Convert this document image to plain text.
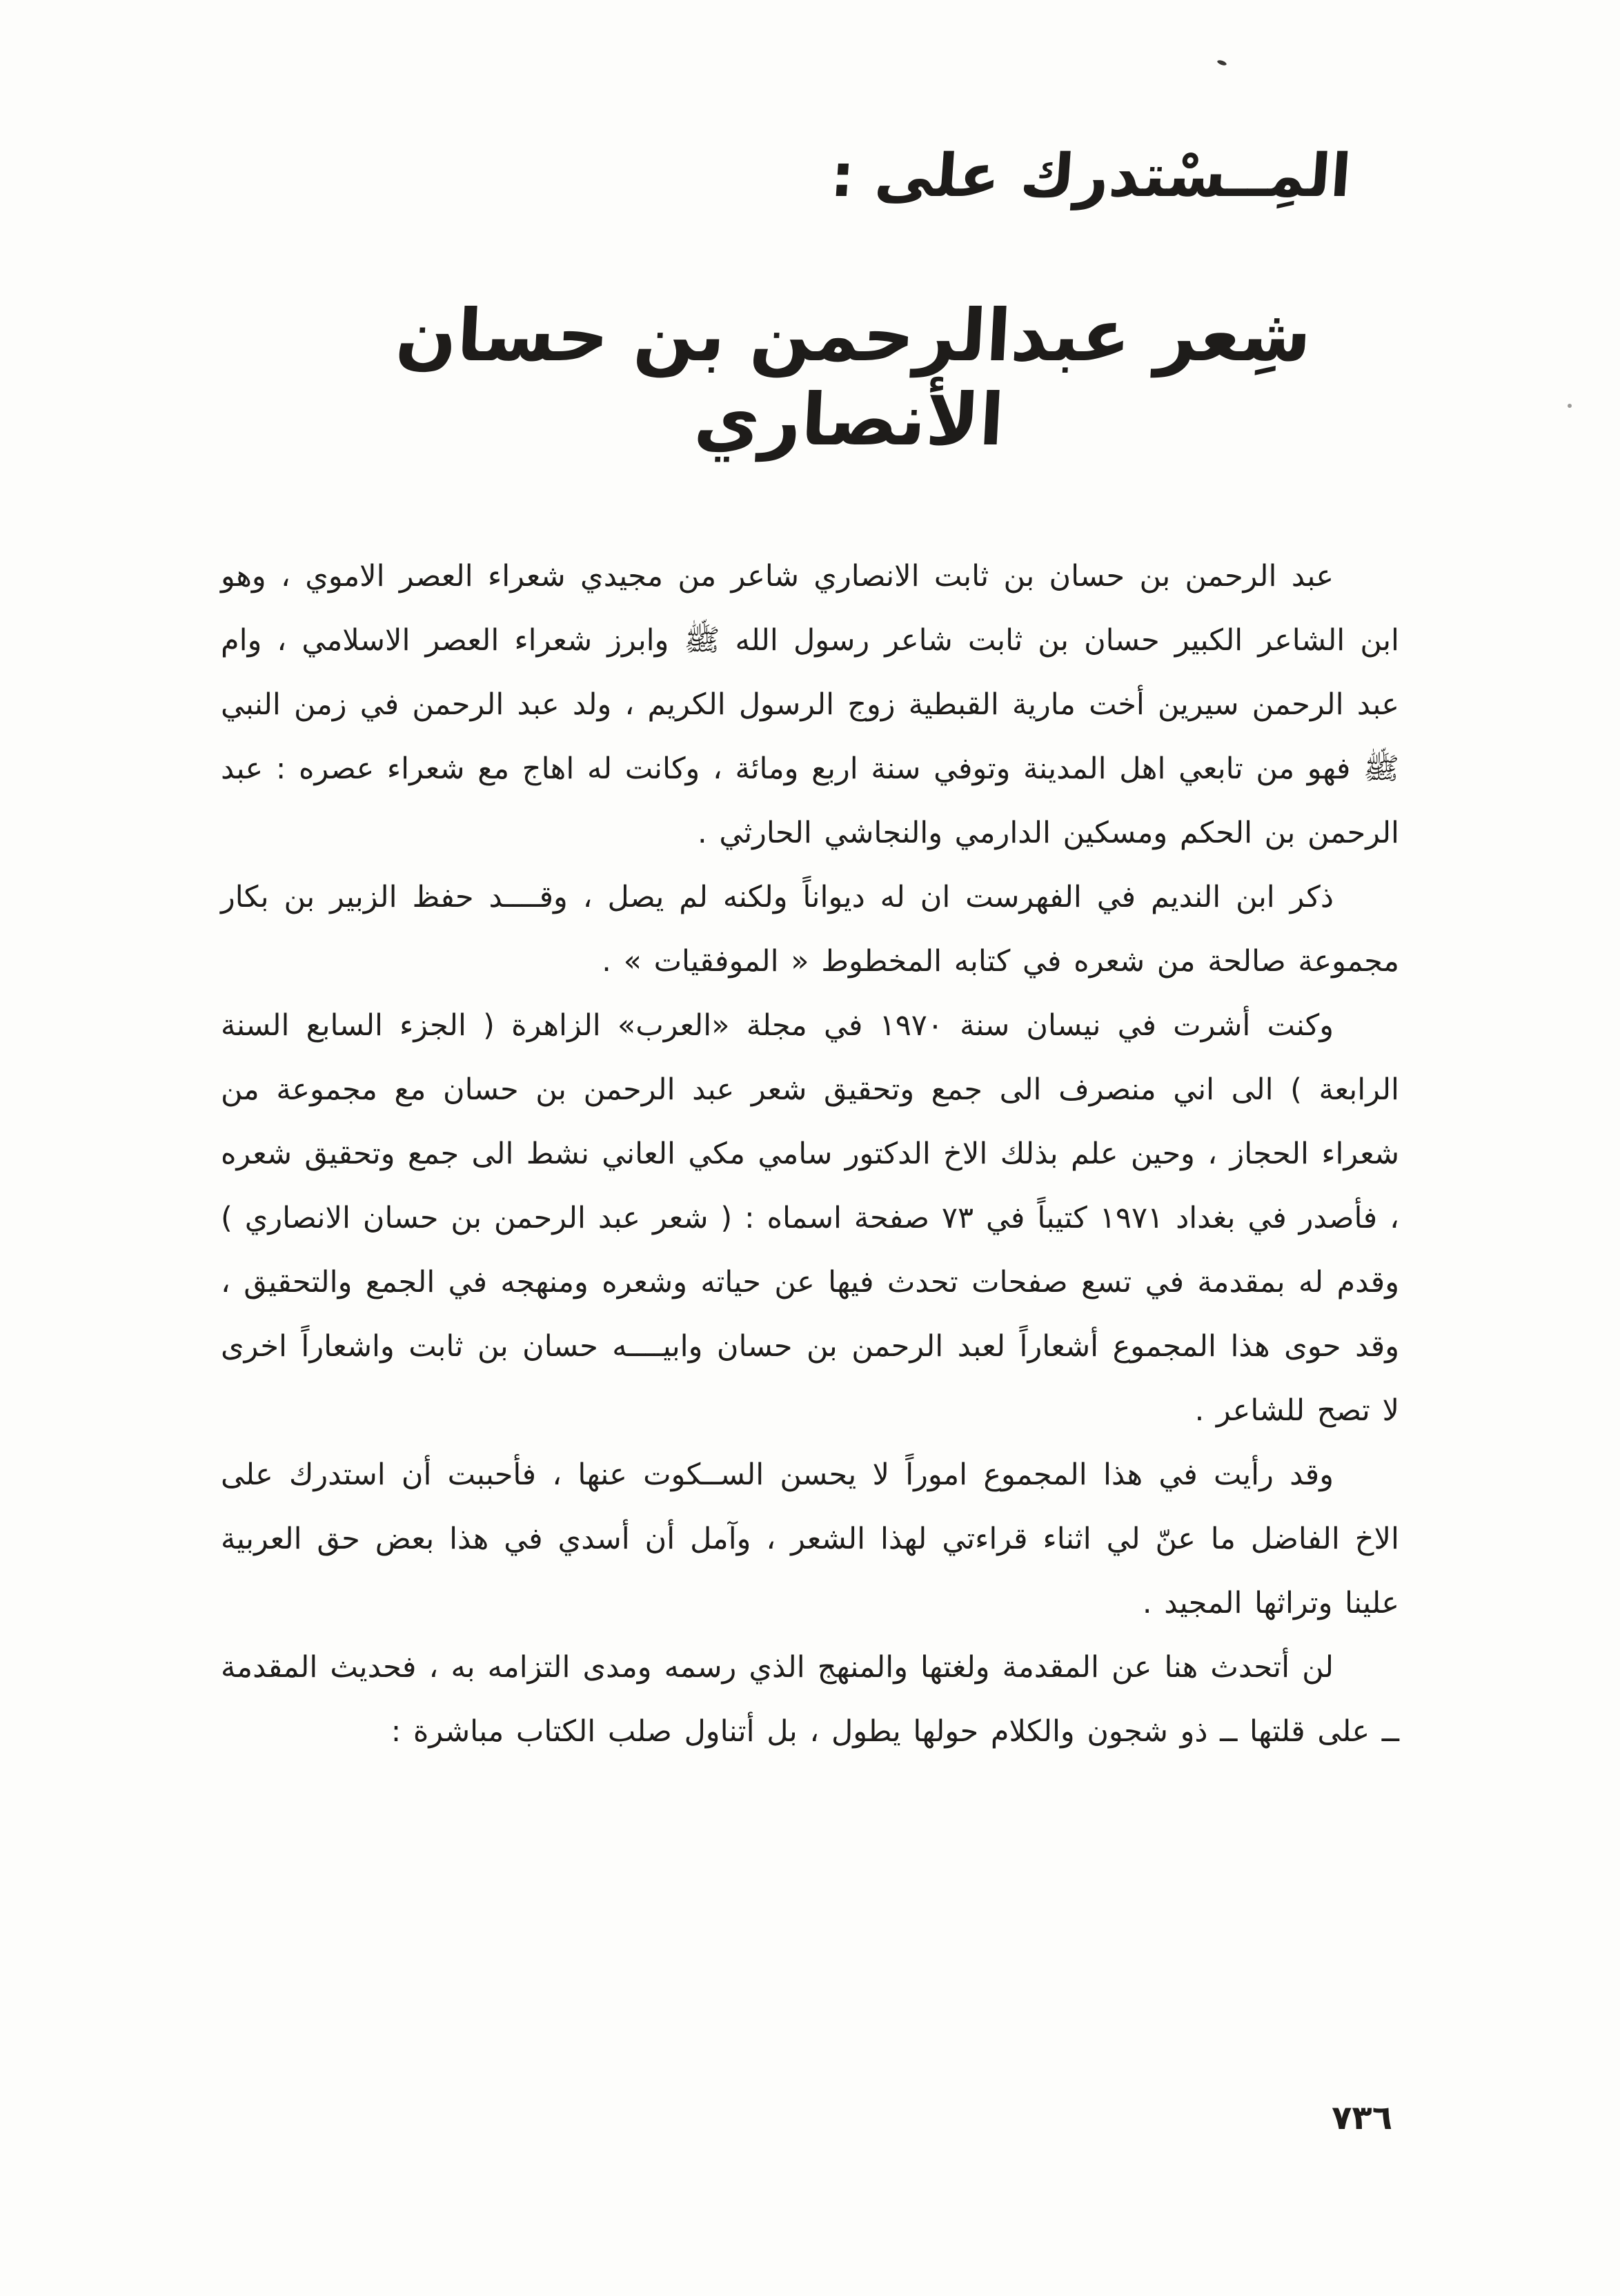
المِــسْتدرك على :
شِعر عبدالرحمن بن حسان الأنصاري

عبد الرحمن بن حسان بن ثابت الانصاري شاعر من مجيدي شعراء العصر الاموي ، وهو ابن الشاعر الكبير حسان بن ثابت شاعر رسول الله ﷺ وابرز شعراء العصر الاسلامي ، وام عبد الرحمن سيرين أخت مارية القبطية زوج الرسول الكريم ، ولد عبد الرحمن في زمن النبي ﷺ فهو من تابعي اهل المدينة وتوفي سنة اربع ومائة ، وكانت له اهاج مع شعراء عصره : عبد الرحمن بن الحكم ومسكين الدارمي والنجاشي الحارثي .

ذكر ابن النديم في الفهرست ان له ديواناً ولكنه لم يصل ، وقــــد حفظ الزبير بن بكار مجموعة صالحة من شعره في كتابه المخطوط « الموفقيات » .

وكنت أشرت في نيسان سنة ١٩٧٠ في مجلة «العرب» الزاهرة ( الجزء السابع السنة الرابعة ) الى اني منصرف الى جمع وتحقيق شعر عبد الرحمن بن حسان مع مجموعة من شعراء الحجاز ، وحين علم بذلك الاخ الدكتور سامي مكي العاني نشط الى جمع وتحقيق شعره ، فأصدر في بغداد ١٩٧١ كتيباً في ٧٣ صفحة اسماه : ( شعر عبد الرحمن بن حسان الانصاري ) وقدم له بمقدمة في تسع صفحات تحدث فيها عن حياته وشعره ومنهجه في الجمع والتحقيق ، وقد حوى هذا المجموع أشعاراً لعبد الرحمن بن حسان وابيــــه حسان بن ثابت واشعاراً اخرى لا تصح للشاعر .

وقد رأيت في هذا المجموع اموراً لا يحسن الســكوت عنها ، فأحببت أن استدرك على الاخ الفاضل ما عنّ لي اثناء قراءتي لهذا الشعر ، وآمل أن أسدي في هذا بعض حق العربية علينا وتراثها المجيد .

لن أتحدث هنا عن المقدمة ولغتها والمنهج الذي رسمه ومدى التزامه به ، فحديث المقدمة ــ على قلتها ــ ذو شجون والكلام حولها يطول ، بل أتناول صلب الكتاب مباشرة :

٧٣٦
